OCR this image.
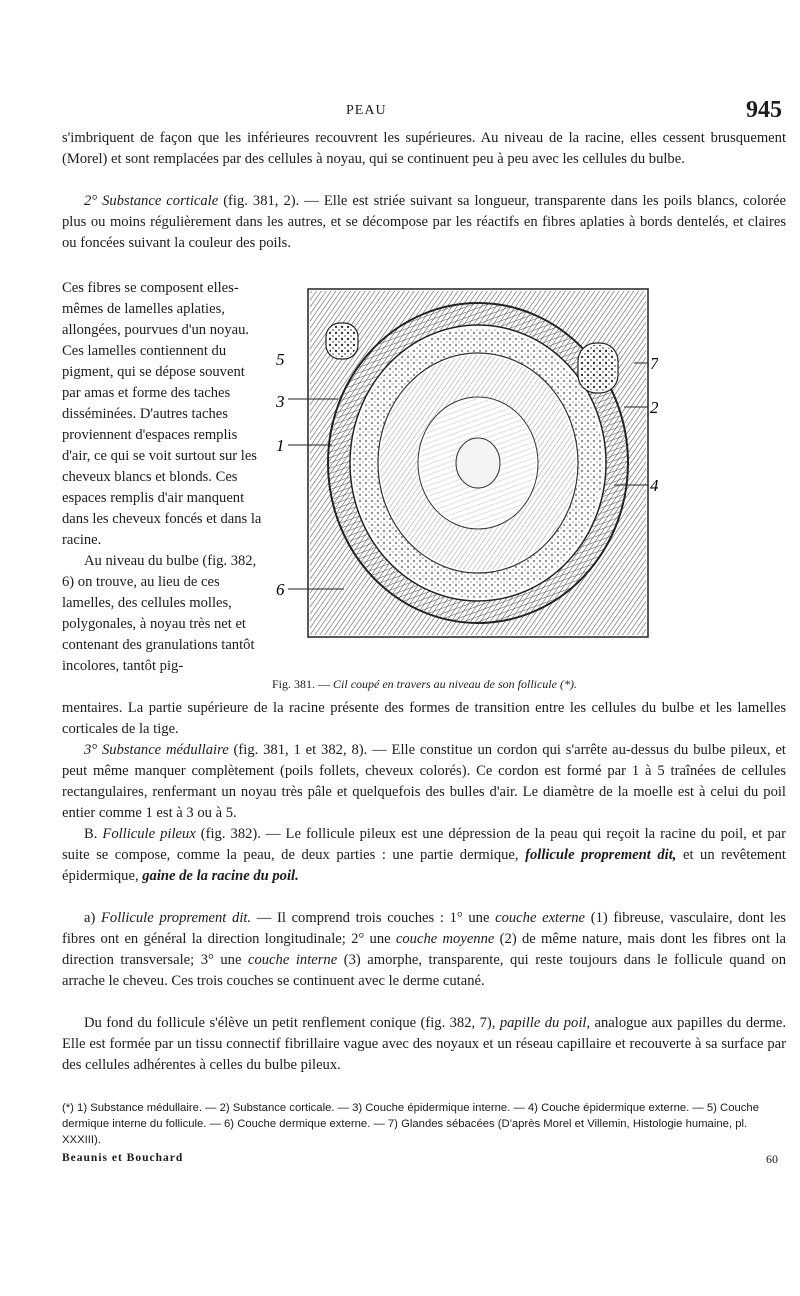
PEAU	945

s'imbriquent de façon que les inférieures recouvrent les supérieures. Au niveau de la racine, elles cessent brusquement (Morel) et sont remplacées par des cellules à noyau, qui se continuent peu à peu avec les cellules du bulbe.

2° Substance corticale (fig. 381, 2). — Elle est striée suivant sa longueur, transparente dans les poils blancs, colorée plus ou moins régulièrement dans les autres, et se décompose par les réactifs en fibres aplaties à bords dentelés, et claires ou foncées suivant la couleur des poils.

Ces fibres se composent elles-mêmes de lamelles aplaties, allongées, pourvues d'un noyau. Ces lamelles contiennent du pigment, qui se dépose souvent par amas et forme des taches disséminées. D'autres taches proviennent d'espaces remplis d'air, ce qui se voit surtout sur les cheveux blancs et blonds. Ces espaces remplis d'air manquent dans les cheveux foncés et dans la racine.

Au niveau du bulbe (fig. 382, 6) on trouve, au lieu de ces lamelles, des cellules molles, polygonales, à noyau très net et contenant des granulations tantôt incolores, tantôt pig-

5
3
1
6
7
2
4
Fig. 381. — Cil coupé en travers au niveau de son follicule (*).

mentaires. La partie supérieure de la racine présente des formes de transition entre les cellules du bulbe et les lamelles corticales de la tige.

3° Substance médullaire (fig. 381, 1 et 382, 8). — Elle constitue un cordon qui s'arrête au-dessus du bulbe pileux, et peut même manquer complètement (poils follets, cheveux colorés). Ce cordon est formé par 1 à 5 traînées de cellules rectangulaires, renfermant un noyau très pâle et quelquefois des bulles d'air. Le diamètre de la moelle est à celui du poil entier comme 1 est à 3 ou à 5.

B. Follicule pileux (fig. 382). — Le follicule pileux est une dépression de la peau qui reçoit la racine du poil, et par suite se compose, comme la peau, de deux parties : une partie dermique, follicule proprement dit, et un revêtement épidermique, gaine de la racine du poil.

a) Follicule proprement dit. — Il comprend trois couches : 1° une couche externe (1) fibreuse, vasculaire, dont les fibres ont en général la direction longitudinale; 2° une couche moyenne (2) de même nature, mais dont les fibres ont la direction transversale; 3° une couche interne (3) amorphe, transparente, qui reste toujours dans le follicule quand on arrache le cheveu. Ces trois couches se continuent avec le derme cutané.

Du fond du follicule s'élève un petit renflement conique (fig. 382, 7), papille du poil, analogue aux papilles du derme. Elle est formée par un tissu connectif fibrillaire vague avec des noyaux et un réseau capillaire et recouverte à sa surface par des cellules adhérentes à celles du bulbe pileux.

(*) 1) Substance médullaire. — 2) Substance corticale. — 3) Couche épidermique interne. — 4) Couche épidermique externe. — 5) Couche dermique interne du follicule. — 6) Couche dermique externe. — 7) Glandes sébacées (D'après Morel et Villemin, Histologie humaine, pl. XXXIII).

Beaunis et Bouchard	60
